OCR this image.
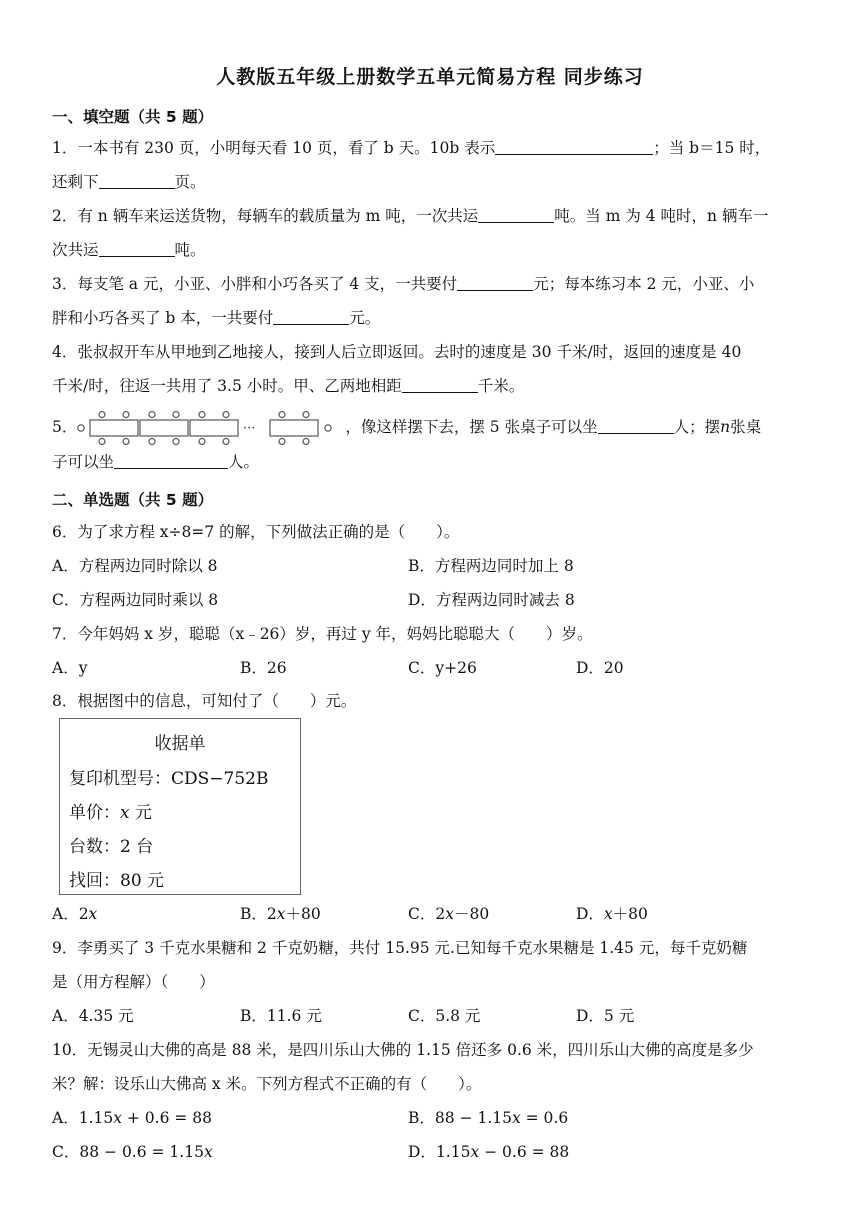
人教版五年级上册数学五单元简易方程 同步练习
一、填空题（共 5 题）
1．一本书有 230 页，小明每天看 10 页，看了 b 天。10b 表示	；当 b＝15 时，
还剩下	页。
2．有 n 辆车来运送货物，每辆车的载质量为 m 吨，一次共运	吨。当 m 为 4 吨时，n 辆车一
次共运	吨。
3．每支笔 a 元，小亚、小胖和小巧各买了 4 支，一共要付	元；每本练习本 2 元，小亚、小
胖和小巧各买了 b 本，一共要付	元。
4．张叔叔开车从甲地到乙地接人，接到人后立即返回。去时的速度是 30 千米/时，返回的速度是 40
千米/时，往返一共用了 3.5 小时。甲、乙两地相距	千米。
5．	···	，像这样摆下去，摆 5 张桌子可以坐	人；摆n张桌
子可以坐	人。
二、单选题（共 5 题）
6．为了求方程 x÷8=7 的解，下列做法正确的是（　　）。
A．方程两边同时除以 8	B．方程两边同时加上 8
C．方程两边同时乘以 8	D．方程两边同时减去 8
7．今年妈妈 x 岁，聪聪（x﹣26）岁，再过 y 年，妈妈比聪聪大（　　）岁。
A．y	B．26	C．y+26	D．20
8．根据图中的信息，可知付了（　　）元。
收据单
复印机型号：CDS−752B
单价：𝑥 元
台数：2 台
找回：80 元
A．2𝑥	B．2𝑥＋80	C．2𝑥－80	D．𝑥＋80
9．李勇买了 3 千克水果糖和 2 千克奶糖，共付 15.95 元.已知每千克水果糖是 1.45 元，每千克奶糖
是（用方程解）（　　）
A．4.35 元	B．11.6 元	C．5.8 元	D．5 元
10．无锡灵山大佛的高是 88 米，是四川乐山大佛的 1.15 倍还多 0.6 米，四川乐山大佛的高度是多少
米？解：设乐山大佛高 x 米。下列方程式不正确的有（　　）。
A．1.15𝑥 + 0.6 = 88	B．88 − 1.15𝑥 = 0.6
C．88 − 0.6 = 1.15𝑥	D．1.15𝑥 − 0.6 = 88
